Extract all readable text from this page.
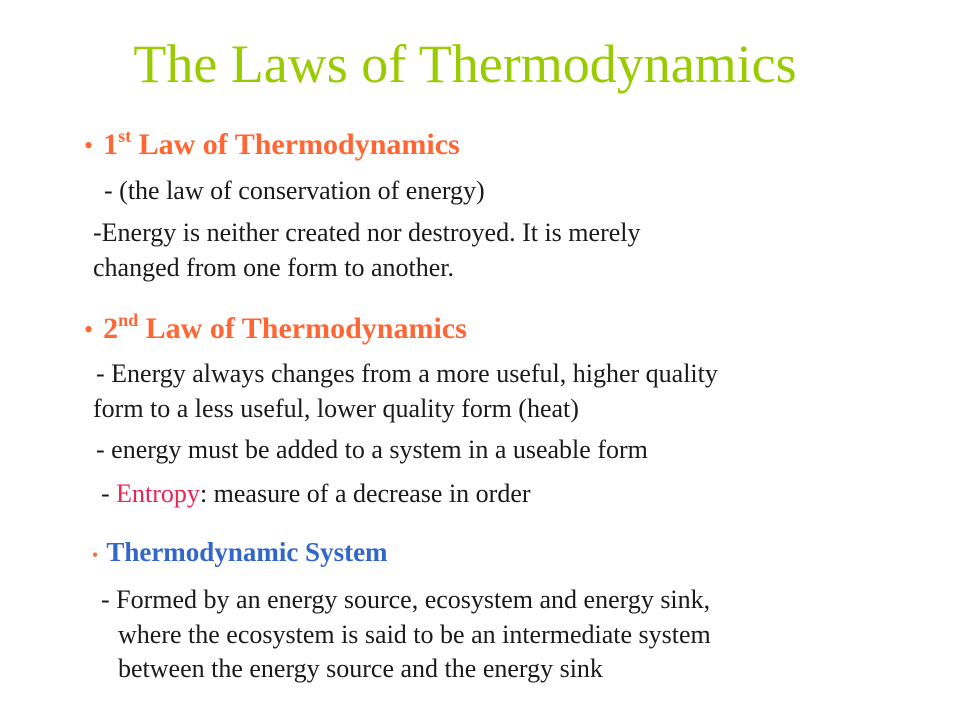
The Laws of Thermodynamics
• 1st Law of Thermodynamics
- (the law of conservation of energy)
-Energy is neither created nor destroyed. It is merely
changed from one form to another.
• 2nd Law of Thermodynamics
- Energy always changes from a more useful, higher quality
form to a less useful, lower quality form (heat)
- energy must be added to a system in a useable form
- Entropy: measure of a decrease in order
• Thermodynamic System
- Formed by an energy source, ecosystem and energy sink,
where the ecosystem is said to be an intermediate system
between the energy source and the energy sink
